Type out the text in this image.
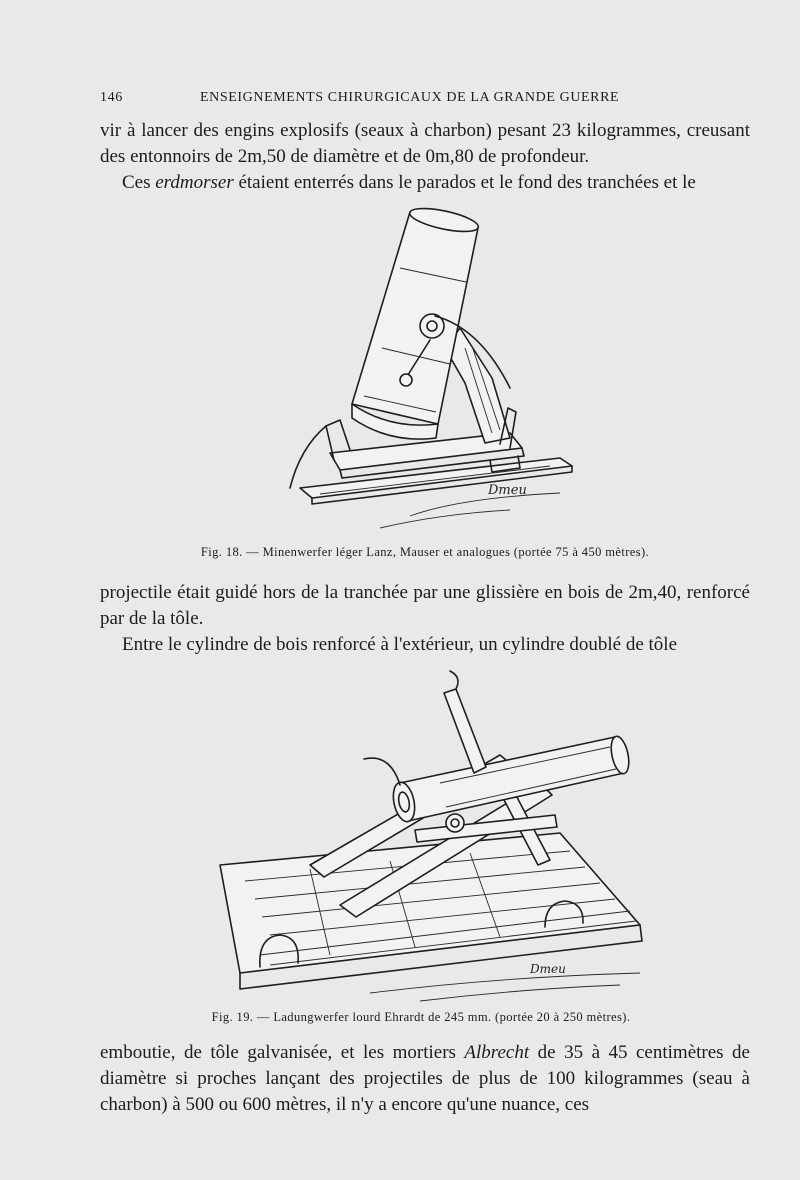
146	ENSEIGNEMENTS CHIRURGICAUX DE LA GRANDE GUERRE

vir à lancer des engins explosifs (seaux à charbon) pesant 23 kilogrammes, creusant des entonnoirs de 2m,50 de diamètre et de 0m,80 de profondeur.

Ces erdmorser étaient enterrés dans le parados et le fond des tranchées et le

Dmeu
Fig. 18. — Minenwerfer léger Lanz, Mauser et analogues (portée 75 à 450 mètres).

projectile était guidé hors de la tranchée par une glissière en bois de 2m,40, renforcé par de la tôle.

Entre le cylindre de bois renforcé à l'extérieur, un cylindre doublé de tôle

Dmeu
Fig. 19. — Ladungwerfer lourd Ehrardt de 245 mm. (portée 20 à 250 mètres).

emboutie, de tôle galvanisée, et les mortiers Albrecht de 35 à 45 centimètres de diamètre si proches lançant des projectiles de plus de 100 kilogrammes (seau à charbon) à 500 ou 600 mètres, il n'y a encore qu'une nuance, ces
